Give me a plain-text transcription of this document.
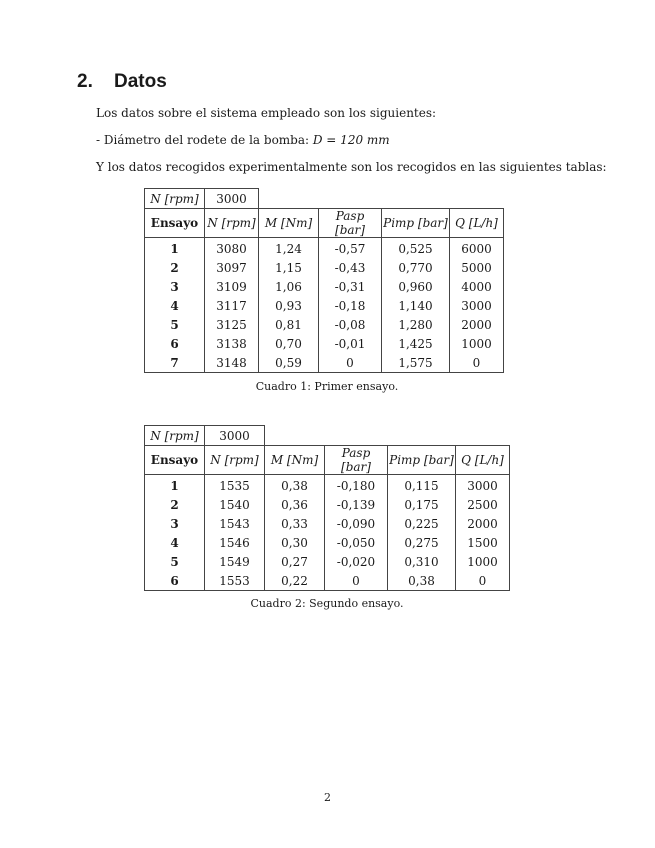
2. Datos

Los datos sobre el sistema empleado son los siguientes:

- Diámetro del rodete de la bomba: D = 120 mm

Y los datos recogidos experimentalmente son los recogidos en las siguientes tablas:

N [rpm]	3000				
Ensayo	N [rpm]	M [Nm]	Pasp [bar]	Pimp [bar]	Q [L/h]
1	3080	1,24	-0,57	0,525	6000
2	3097	1,15	-0,43	0,770	5000
3	3109	1,06	-0,31	0,960	4000
4	3117	0,93	-0,18	1,140	3000
5	3125	0,81	-0,08	1,280	2000
6	3138	0,70	-0,01	1,425	1000
7	3148	0,59	0	1,575	0

Cuadro 1: Primer ensayo.

N [rpm]	3000				
Ensayo	N [rpm]	M [Nm]	Pasp [bar]	Pimp [bar]	Q [L/h]
1	1535	0,38	-0,180	0,115	3000
2	1540	0,36	-0,139	0,175	2500
3	1543	0,33	-0,090	0,225	2000
4	1546	0,30	-0,050	0,275	1500
5	1549	0,27	-0,020	0,310	1000
6	1553	0,22	0	0,38	0

Cuadro 2: Segundo ensayo.

2
